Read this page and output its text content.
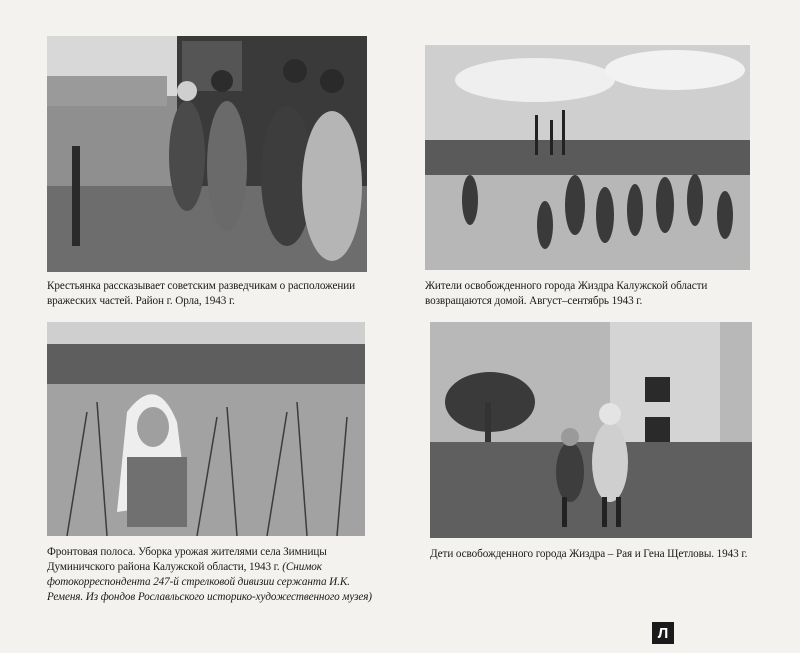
Крестьянка рассказывает советским разведчикам о расположении вражеских частей. Район г. Орла, 1943 г.
Жители освобожденного города Жиздра Калужской области возвращаются домой. Август–сентябрь 1943 г.
Фронтовая полоса. Уборка урожая жителями села Зимницы Думиничского района Калужской области, 1943 г. (Снимок фотокорреспондента 247-й стрелковой дивизии сержанта И.К. Ременя. Из фондов Рославльского историко-художественного музея)
Дети освобожденного города Жиздра – Рая и Гена Щетловы. 1943 г.
Л
